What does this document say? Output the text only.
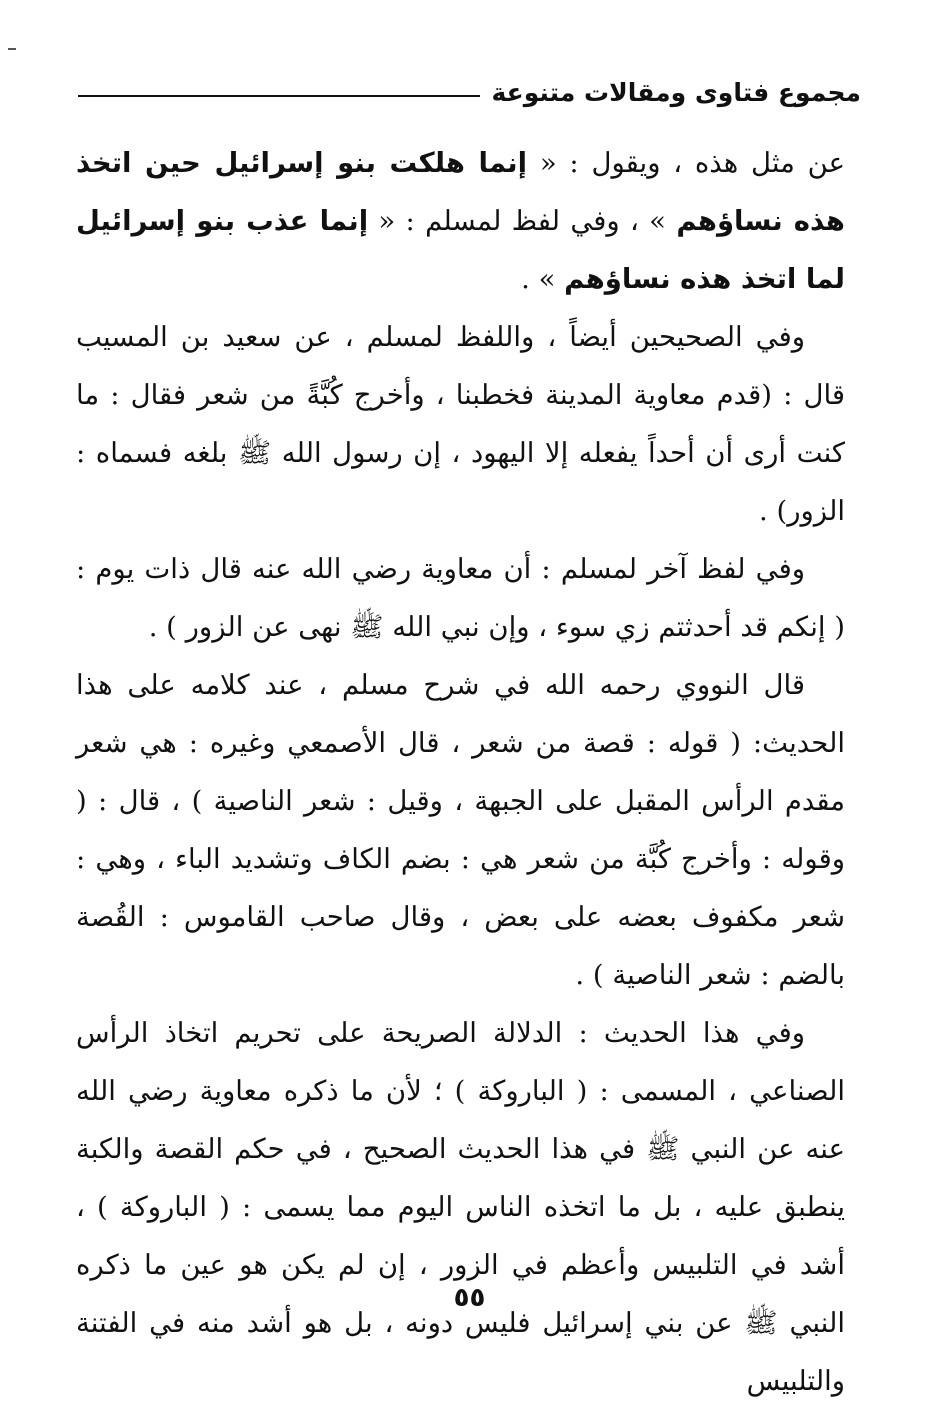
مجموع فتاوى ومقالات متنوعة

عن مثل هذه ، ويقول : « إنما هلكت بنو إسرائيل حين اتخذ هذه نساؤهم » ، وفي لفظ لمسلم : « إنما عذب بنو إسرائيل لما اتخذ هذه نساؤهم » .

وفي الصحيحين أيضاً ، واللفظ لمسلم ، عن سعيد بن المسيب قال : (قدم معاوية المدينة فخطبنا ، وأخرج كُبَّةً من شعر فقال : ما كنت أرى أن أحداً يفعله إلا اليهود ، إن رسول الله ﷺ بلغه فسماه : الزور) .

وفي لفظ آخر لمسلم : أن معاوية رضي الله عنه قال ذات يوم : ( إنكم قد أحدثتم زي سوء ، وإن نبي الله ﷺ نهى عن الزور ) .

قال النووي رحمه الله في شرح مسلم ، عند كلامه على هذا الحديث: ( قوله : قصة من شعر ، قال الأصمعي وغيره : هي شعر مقدم الرأس المقبل على الجبهة ، وقيل : شعر الناصية ) ، قال : ( وقوله : وأخرج كُبَّة من شعر هي : بضم الكاف وتشديد الباء ، وهي : شعر مكفوف بعضه على بعض ، وقال صاحب القاموس : القُصة بالضم : شعر الناصية ) .

وفي هذا الحديث : الدلالة الصريحة على تحريم اتخاذ الرأس الصناعي ، المسمى : ( الباروكة ) ؛ لأن ما ذكره معاوية رضي الله عنه عن النبي ﷺ في هذا الحديث الصحيح ، في حكم القصة والكبة ينطبق عليه ، بل ما اتخذه الناس اليوم مما يسمى : ( الباروكة ) ، أشد في التلبيس وأعظم في الزور ، إن لم يكن هو عين ما ذكره النبي ﷺ عن بني إسرائيل فليس دونه ، بل هو أشد منه في الفتنة والتلبيس

٥٥
